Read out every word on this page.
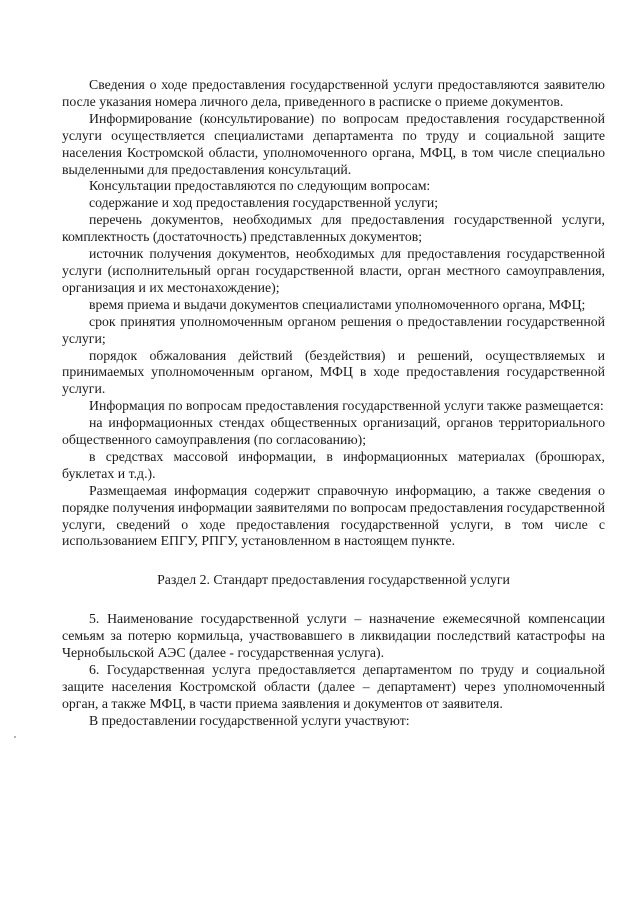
Сведения о ходе предоставления государственной услуги предоставляются заявителю после указания номера личного дела, приведенного в расписке о приеме документов.

Информирование (консультирование) по вопросам предоставления государственной услуги осуществляется специалистами департамента по труду и социальной защите населения Костромской области, уполномоченного органа, МФЦ, в том числе специально выделенными для предоставления консультаций.

Консультации предоставляются по следующим вопросам:

содержание и ход предоставления государственной услуги;

перечень документов, необходимых для предоставления государственной услуги, комплектность (достаточность) представленных документов;

источник получения документов, необходимых для предоставления государственной услуги (исполнительный орган государственной власти, орган местного самоуправления, организация и их местонахождение);

время приема и выдачи документов специалистами уполномоченного органа, МФЦ;

срок принятия уполномоченным органом решения о предоставлении государственной услуги;

порядок обжалования действий (бездействия) и решений, осуществляемых и принимаемых уполномоченным органом, МФЦ в ходе предоставления государственной услуги.

Информация по вопросам предоставления государственной услуги также размещается:

на информационных стендах общественных организаций, органов территориального общественного самоуправления (по согласованию);

в средствах массовой информации, в информационных материалах (брошюрах, буклетах и т.д.).

Размещаемая информация содержит справочную информацию, а также сведения о порядке получения информации заявителями по вопросам предоставления государственной услуги, сведений о ходе предоставления государственной услуги, в том числе с использованием ЕПГУ, РПГУ, установленном в настоящем пункте.

Раздел 2. Стандарт предоставления государственной услуги

5. Наименование государственной услуги – назначение ежемесячной компенсации семьям за потерю кормильца, участвовавшего в ликвидации последствий катастрофы на Чернобыльской АЭС (далее - государственная услуга).

6. Государственная услуга предоставляется департаментом по труду и социальной защите населения Костромской области (далее – департамент) через уполномоченный орган, а также МФЦ, в части приема заявления и документов от заявителя.

В предоставлении государственной услуги участвуют:
